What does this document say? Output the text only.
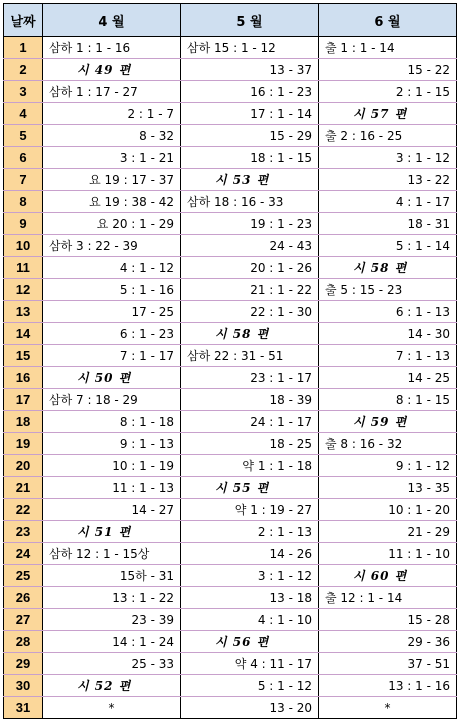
날짜	4 월	5 월	6 월
1	삼하 1 : 1 - 16	삼하 15 : 1 - 12	출 1 : 1 - 14
2	시 49 편	13 - 37	15 - 22
3	삼하 1 : 17 - 27	16 : 1 - 23	2 : 1 - 15
4	2 : 1 - 7	17 : 1 - 14	시 57 편
5	8 - 32	15 - 29	출 2 : 16 - 25
6	3 : 1 - 21	18 : 1 - 15	3 : 1 - 12
7	요 19 : 17 - 37	시 53 편	13 - 22
8	요 19 : 38 - 42	삼하 18 : 16 - 33	4 : 1 - 17
9	요 20 : 1 - 29	19 : 1 - 23	18 - 31
10	삼하 3 : 22 - 39	24 - 43	5 : 1 - 14
11	4 : 1 - 12	20 : 1 - 26	시 58 편
12	5 : 1 - 16	21 : 1 - 22	출 5 : 15 - 23
13	17 - 25	22 : 1 - 30	6 : 1 - 13
14	6 : 1 - 23	시 58 편	14 - 30
15	7 : 1 - 17	삼하 22 : 31 - 51	7 : 1 - 13
16	시 50 편	23 : 1 - 17	14 - 25
17	삼하 7 : 18 - 29	18 - 39	8 : 1 - 15
18	8 : 1 - 18	24 : 1 - 17	시 59 편
19	9 : 1 - 13	18 - 25	출 8 : 16 - 32
20	10 : 1 - 19	약 1 : 1 - 18	9 : 1 - 12
21	11 : 1 - 13	시 55 편	13 - 35
22	14 - 27	약 1 : 19 - 27	10 : 1 - 20
23	시 51 편	2 : 1 - 13	21 - 29
24	삼하 12 : 1 - 15상	14 - 26	11 : 1 - 10
25	15하 - 31	3 : 1 - 12	시 60 편
26	13 : 1 - 22	13 - 18	출 12 : 1 - 14
27	23 - 39	4 : 1 - 10	15 - 28
28	14 : 1 - 24	시 56 편	29 - 36
29	25 - 33	약 4 : 11 - 17	37 - 51
30	시 52 편	5 : 1 - 12	13 : 1 - 16
31	*	13 - 20	*
